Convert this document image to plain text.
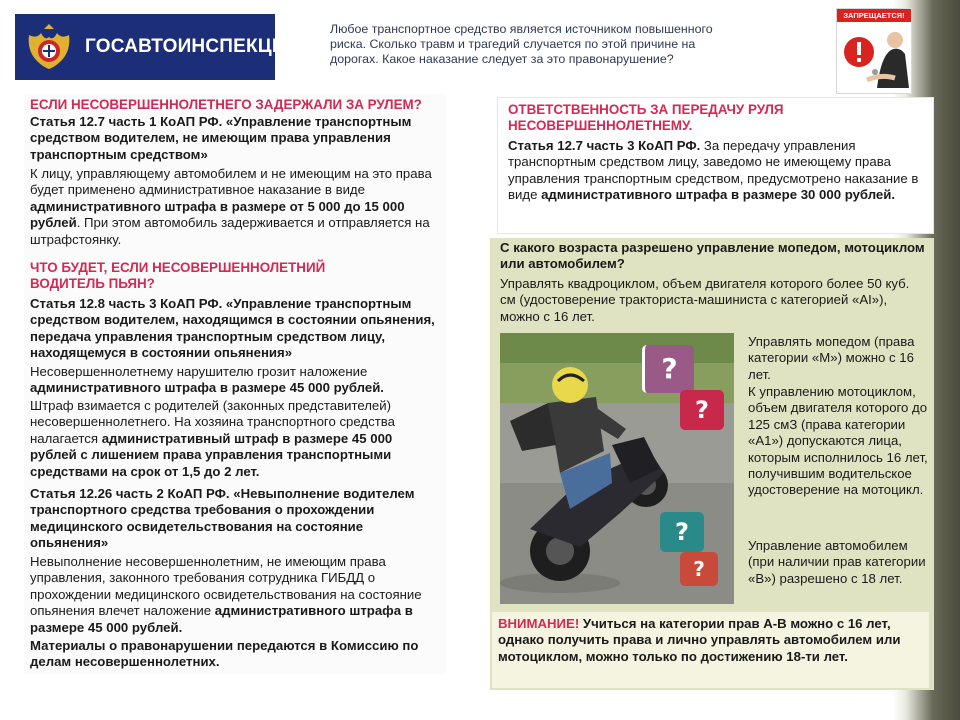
ГОСАВТОИНСПЕКЦИЯ
Любое транспортное средство является источником повышенного риска. Сколько травм и трагедий случается по этой причине на дорогах. Какое наказание следует за это правонарушение?
ЗАПРЕЩАЕТСЯ!
ЕСЛИ НЕСОВЕРШЕННОЛЕТНЕГО ЗАДЕРЖАЛИ ЗА РУЛЕМ?
Статья 12.7 часть 1 КоАП РФ. «Управление транспортным средством водителем, не имеющим права управления транспортным средством»
К лицу, управляющему автомобилем и не имеющим на это права будет применено административное наказание в виде административного штрафа в размере от 5 000 до 15 000 рублей. При этом автомобиль задерживается и отправляется на штрафстоянку.
ЧТО БУДЕТ, ЕСЛИ НЕСОВЕРШЕННОЛЕТНИЙ ВОДИТЕЛЬ ПЬЯН?
Статья 12.8 часть 3 КоАП РФ. «Управление транспортным средством водителем, находящимся в состоянии опьянения, передача управления транспортным средством лицу, находящемуся в состоянии опьянения»
Несовершеннолетнему нарушителю грозит наложение административного штрафа в размере 45 000 рублей.
Штраф взимается с родителей (законных представителей) несовершеннолетнего. На хозяина транспортного средства налагается административный штраф в размере 45 000 рублей с лишением права управления транспортными средствами на срок от 1,5 до 2 лет.
Статья 12.26 часть 2 КоАП РФ. «Невыполнение водителем транспортного средства требования о прохождении медицинского освидетельствования на состояние опьянения»
Невыполнение несовершеннолетним, не имеющим права управления, законного требования сотрудника ГИБДД о прохождении медицинского освидетельствования на состояние опьянения влечет наложение административного штрафа в размере 45 000 рублей.
Материалы о правонарушении передаются в Комиссию по делам несовершеннолетних.
ОТВЕТСТВЕННОСТЬ ЗА ПЕРЕДАЧУ РУЛЯ НЕСОВЕРШЕННОЛЕТНЕМУ.
Статья 12.7 часть 3 КоАП РФ. За передачу управления транспортным средством лицу, заведомо не имеющему права управления транспортным средством, предусмотрено наказание в виде административного штрафа в размере 30 000 рублей.
С какого возраста разрешено управление мопедом, мотоциклом или автомобилем?
Управлять квадроциклом, объем двигателя которого более 50 куб. см (удостоверение тракториста-машиниста с категорией «AI»), можно с 16 лет.
Управлять мопедом (права категории «М») можно с 16 лет.
К управлению мотоциклом, объем двигателя которого до 125 смЗ (права категории «А1») допускаются лица, которым исполнилось 16 лет, получившим водительское удостоверение на мотоцикл.
Управление автомобилем (при наличии прав категории «В») разрешено с 18 лет.
?
?
?
?
ВНИМАНИЕ! Учиться на категории прав А-В можно с 16 лет, однако получить права и лично управлять автомобилем или мотоциклом, можно только по достижению 18-ти лет.
